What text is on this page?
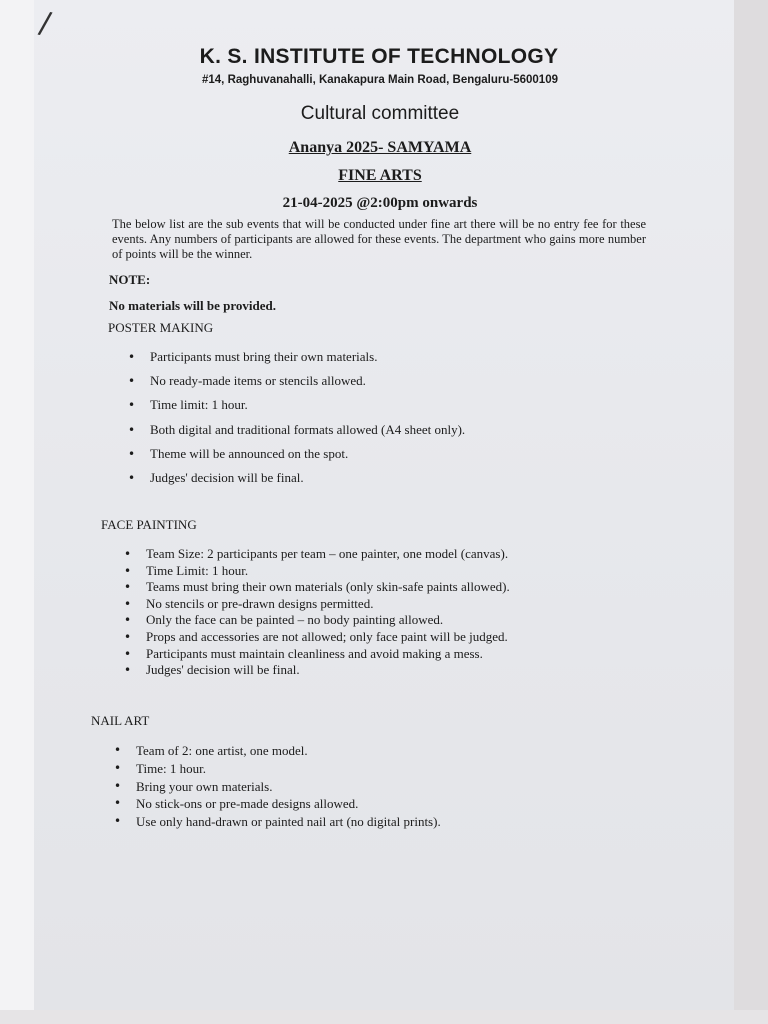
/
K. S. INSTITUTE OF TECHNOLOGY
#14, Raghuvanahalli, Kanakapura Main Road, Bengaluru-5600109
Cultural committee
Ananya 2025- SAMYAMA
FINE ARTS
21-04-2025 @2:00pm onwards
The below list are the sub events that will be conducted under fine art there will be no entry fee for these events. Any numbers of participants are allowed for these events. The department who gains more number of points will be the winner.
NOTE:
No materials will be provided.
POSTER MAKING
• Participants must bring their own materials.
• No ready-made items or stencils allowed.
• Time limit: 1 hour.
• Both digital and traditional formats allowed (A4 sheet only).
• Theme will be announced on the spot.
• Judges' decision will be final.
FACE PAINTING
• Team Size: 2 participants per team – one painter, one model (canvas).
• Time Limit: 1 hour.
• Teams must bring their own materials (only skin-safe paints allowed).
• No stencils or pre-drawn designs permitted.
• Only the face can be painted – no body painting allowed.
• Props and accessories are not allowed; only face paint will be judged.
• Participants must maintain cleanliness and avoid making a mess.
• Judges' decision will be final.
NAIL ART
• Team of 2: one artist, one model.
• Time: 1 hour.
• Bring your own materials.
• No stick-ons or pre-made designs allowed.
• Use only hand-drawn or painted nail art (no digital prints).
